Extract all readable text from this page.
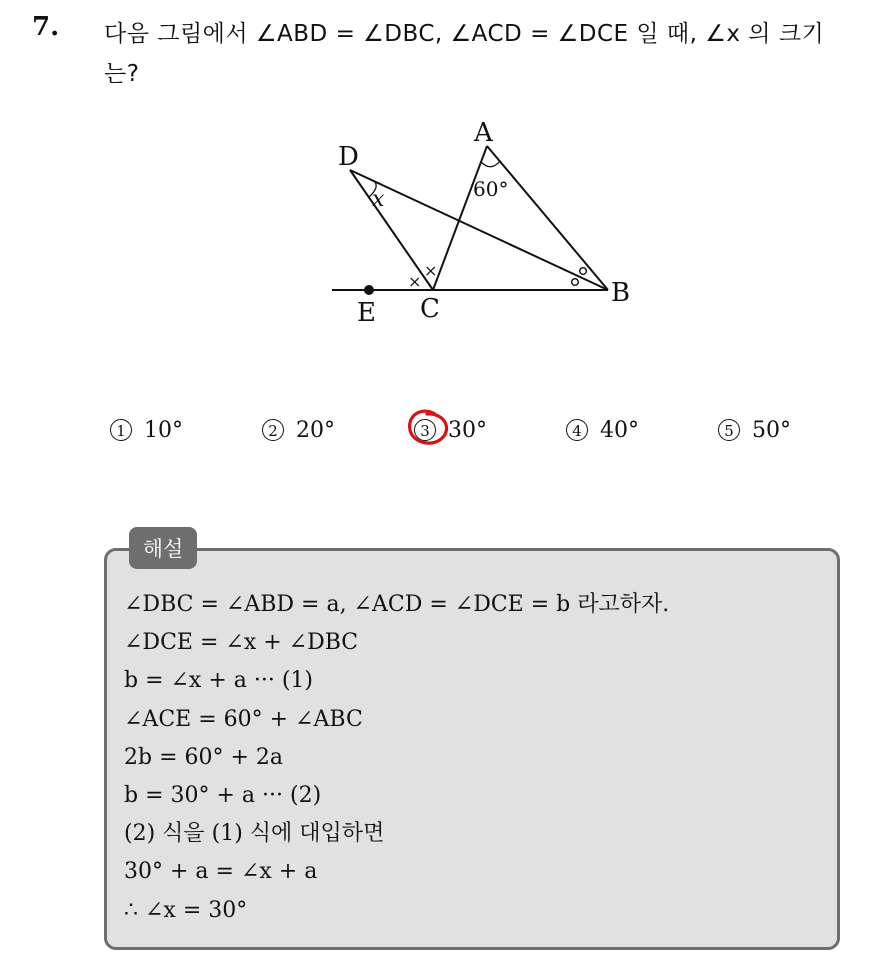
7. 다음 그림에서 ∠ABD = ∠DBC, ∠ACD = ∠DCE 일 때, ∠x 의 크기
는?
×
×
A
B
C
D
E
60°
x
1 10°	2 20°	3 30°	4 40°	5 50°
해설
∠DBC = ∠ABD = a, ∠ACD = ∠DCE = b 라고하자.
∠DCE = ∠x + ∠DBC
b = ∠x + a ··· (1)
∠ACE = 60° + ∠ABC
2b = 60° + 2a
b = 30° + a ··· (2)
(2) 식을 (1) 식에 대입하면
30° + a = ∠x + a
∴ ∠x = 30°
